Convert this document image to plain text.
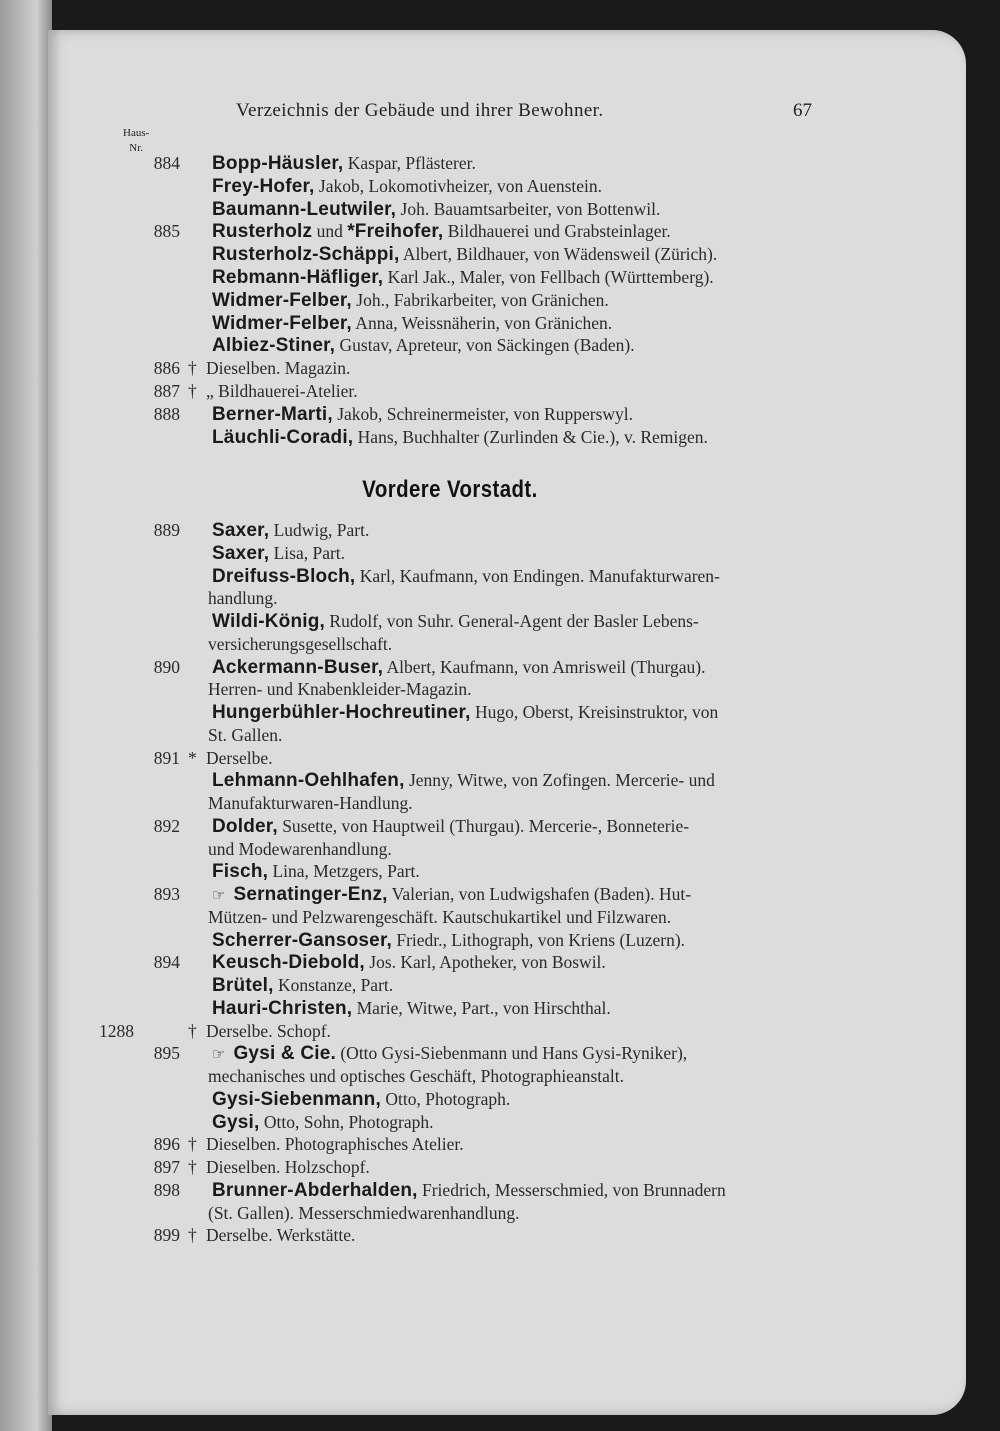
Verzeichnis der Gebäude und ihrer Bewohner.	67
Haus-
Nr.
Vordere Vorstadt.
884 Bopp-Häusler, Kaspar, Pflästerer.
Frey-Hofer, Jakob, Lokomotivheizer, von Auenstein.
Baumann-Leutwiler, Joh. Bauamtsarbeiter, von Bottenwil.
885 Rusterholz und *Freihofer, Bildhauerei und Grabsteinlager.
Rusterholz-Schäppi, Albert, Bildhauer, von Wädensweil (Zürich).
Rebmann-Häfliger, Karl Jak., Maler, von Fellbach (Württemberg).
Widmer-Felber, Joh., Fabrikarbeiter, von Gränichen.
Widmer-Felber, Anna, Weissnäherin, von Gränichen.
Albiez-Stiner, Gustav, Apreteur, von Säckingen (Baden).
886 † Dieselben. Magazin.
887 † „ Bildhauerei-Atelier.
888 Berner-Marti, Jakob, Schreinermeister, von Rupperswyl.
Läuchli-Coradi, Hans, Buchhalter (Zurlinden & Cie.), v. Remigen.
889 Saxer, Ludwig, Part.
Saxer, Lisa, Part.
Dreifuss-Bloch, Karl, Kaufmann, von Endingen. Manufakturwaren-
handlung.
Wildi-König, Rudolf, von Suhr. General-Agent der Basler Lebens-
versicherungsgesellschaft.
890 Ackermann-Buser, Albert, Kaufmann, von Amrisweil (Thurgau).
Herren- und Knabenkleider-Magazin.
Hungerbühler-Hochreutiner, Hugo, Oberst, Kreisinstruktor, von
St. Gallen.
891 * Derselbe.
Lehmann-Oehlhafen, Jenny, Witwe, von Zofingen. Mercerie- und
Manufakturwaren-Handlung.
892 Dolder, Susette, von Hauptweil (Thurgau). Mercerie-, Bonneterie-
und Modewarenhandlung.
Fisch, Lina, Metzgers, Part.
893 ☞ Sernatinger-Enz, Valerian, von Ludwigshafen (Baden). Hut-
Mützen- und Pelzwarengeschäft. Kautschukartikel und Filzwaren.
Scherrer-Gansoser, Friedr., Lithograph, von Kriens (Luzern).
894 Keusch-Diebold, Jos. Karl, Apotheker, von Boswil.
Brütel, Konstanze, Part.
Hauri-Christen, Marie, Witwe, Part., von Hirschthal.
1288	† Derselbe. Schopf.
895 ☞ Gysi & Cie. (Otto Gysi-Siebenmann und Hans Gysi-Ryniker),
mechanisches und optisches Geschäft, Photographieanstalt.
Gysi-Siebenmann, Otto, Photograph.
Gysi, Otto, Sohn, Photograph.
896 † Dieselben. Photographisches Atelier.
897 † Dieselben. Holzschopf.
898 Brunner-Abderhalden, Friedrich, Messerschmied, von Brunnadern
(St. Gallen). Messerschmiedwarenhandlung.
899 † Derselbe. Werkstätte.
